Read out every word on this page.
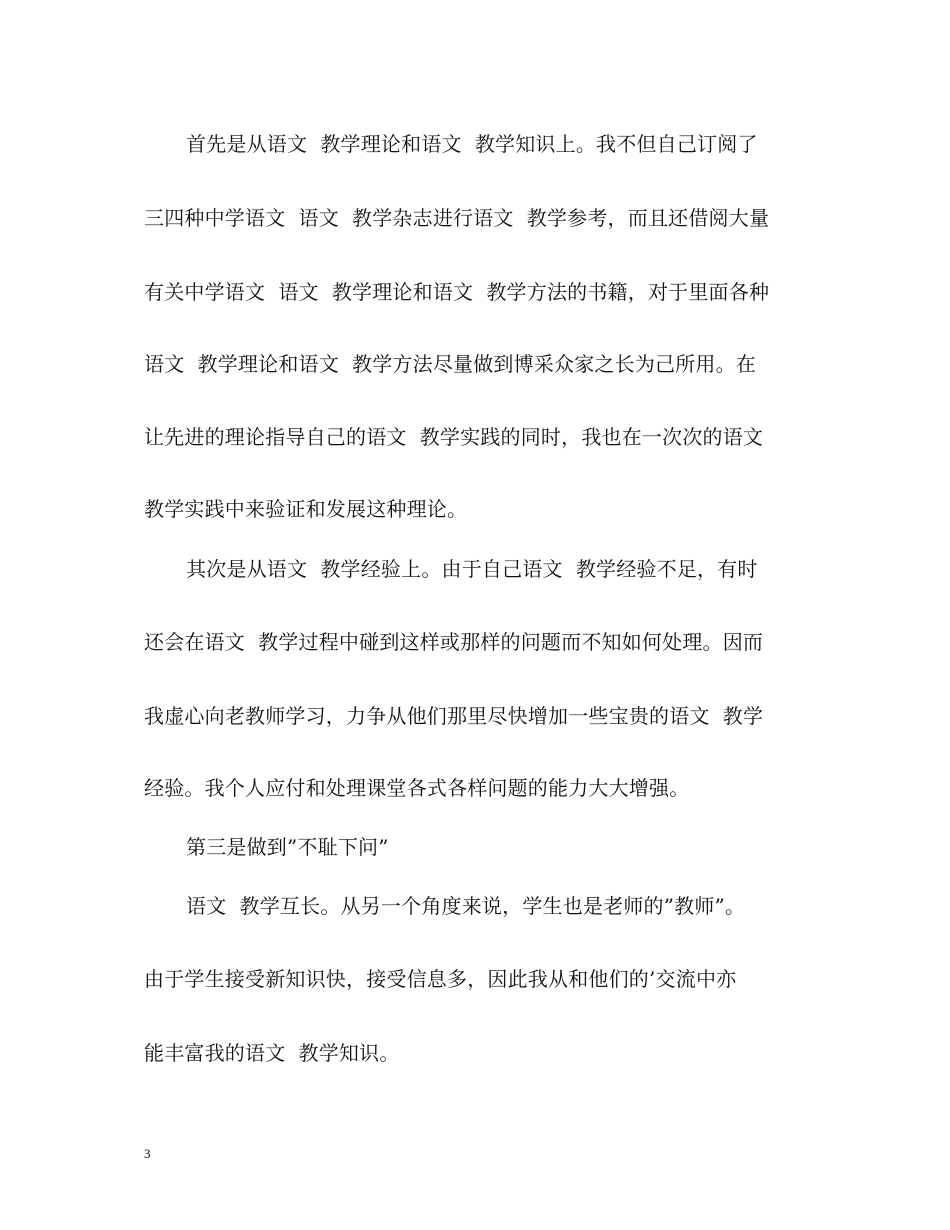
首先是从语文  教学理论和语文  教学知识上。我不但自己订阅了
三四种中学语文  语文  教学杂志进行语文  教学参考，而且还借阅大量
有关中学语文  语文  教学理论和语文  教学方法的书籍，对于里面各种
语文  教学理论和语文  教学方法尽量做到博采众家之长为己所用。在
让先进的理论指导自己的语文  教学实践的同时，我也在一次次的语文
教学实践中来验证和发展这种理论。
其次是从语文  教学经验上。由于自己语文  教学经验不足，有时
还会在语文  教学过程中碰到这样或那样的问题而不知如何处理。因而
我虚心向老教师学习，力争从他们那里尽快增加一些宝贵的语文  教学
经验。我个人应付和处理课堂各式各样问题的能力大大增强。
第三是做到”不耻下问”
语文  教学互长。从另一个角度来说，学生也是老师的”教师”。
由于学生接受新知识快，接受信息多，因此我从和他们的’交流中亦
能丰富我的语文  教学知识。
3
